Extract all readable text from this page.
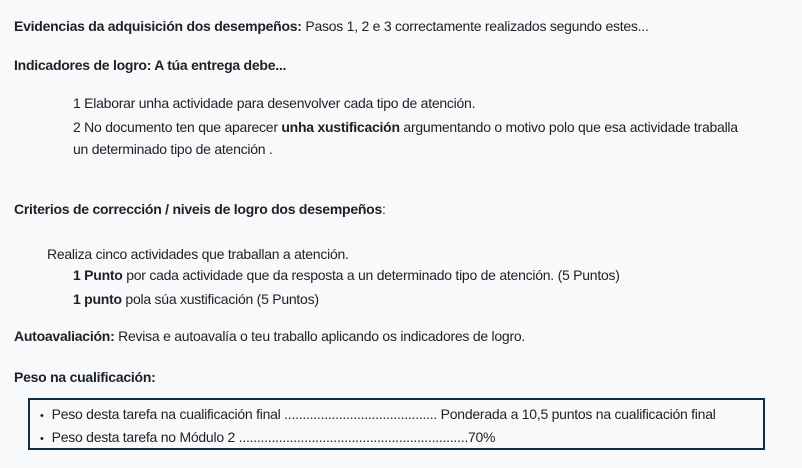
Evidencias da adquisición dos desempeños: Pasos 1, 2 e 3 correctamente realizados segundo estes...
Indicadores de logro: A túa entrega debe...
1 Elaborar unha actividade para desenvolver cada tipo de atención.
2 No documento ten que aparecer unha xustificación argumentando o motivo polo que esa actividade traballa
un determinado tipo de atención .
Criterios de corrección / niveis de logro dos desempeños:
Realiza cinco actividades que traballan a atención.
1 Punto por cada actividade que da resposta a un determinado tipo de atención. (5 Puntos)
1 punto pola súa xustificación (5 Puntos)
Autoavaliación: Revisa e autoavalía o teu traballo aplicando os indicadores de logro.
Peso na cualificación:
• Peso desta tarefa na cualificación final .......................................... Ponderada a 10,5 puntos na cualificación final
• Peso desta tarefa no Módulo 2 ...............................................................70%
